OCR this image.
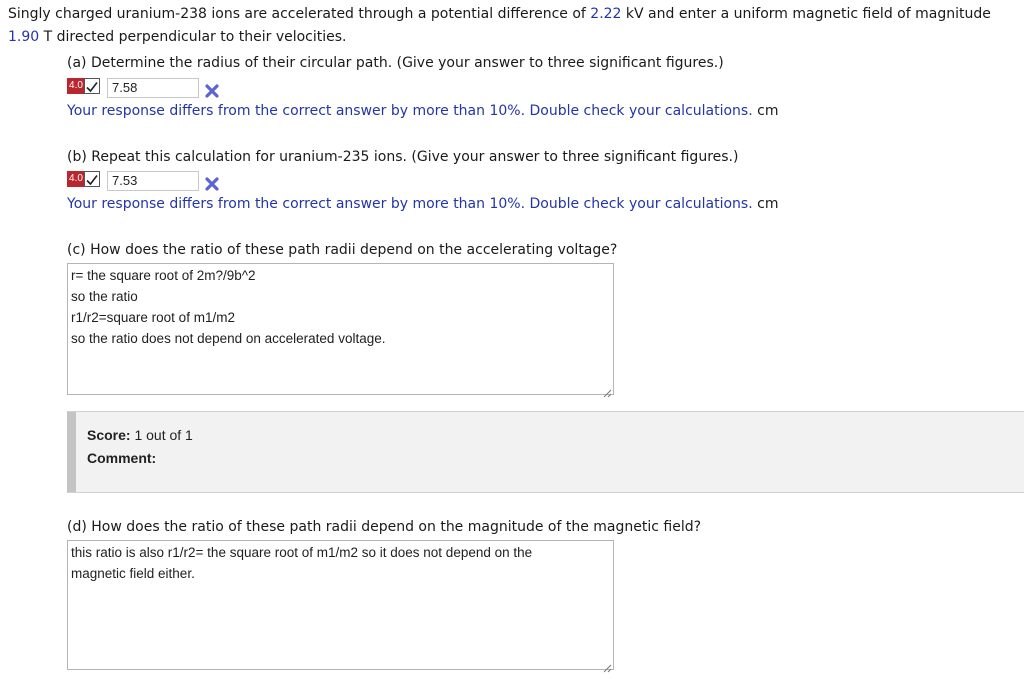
Singly charged uranium-238 ions are accelerated through a potential difference of 2.22 kV and enter a uniform magnetic field of magnitude 1.90 T directed perpendicular to their velocities.
(a) Determine the radius of their circular path. (Give your answer to three significant figures.)
4.0	7.58
Your response differs from the correct answer by more than 10%. Double check your calculations. cm
(b) Repeat this calculation for uranium-235 ions. (Give your answer to three significant figures.)
4.0	7.53
Your response differs from the correct answer by more than 10%. Double check your calculations. cm
(c) How does the ratio of these path radii depend on the accelerating voltage?

r= the square root of 2m?/9b^2

so the ratio

r1/r2=square root of m1/m2

so the ratio does not depend on accelerated voltage.

Score: 1 out of 1
Comment:
(d) How does the ratio of these path radii depend on the magnitude of the magnetic field?

this ratio is also r1/r2= the square root of m1/m2 so it does not depend on the

magnetic field either.
